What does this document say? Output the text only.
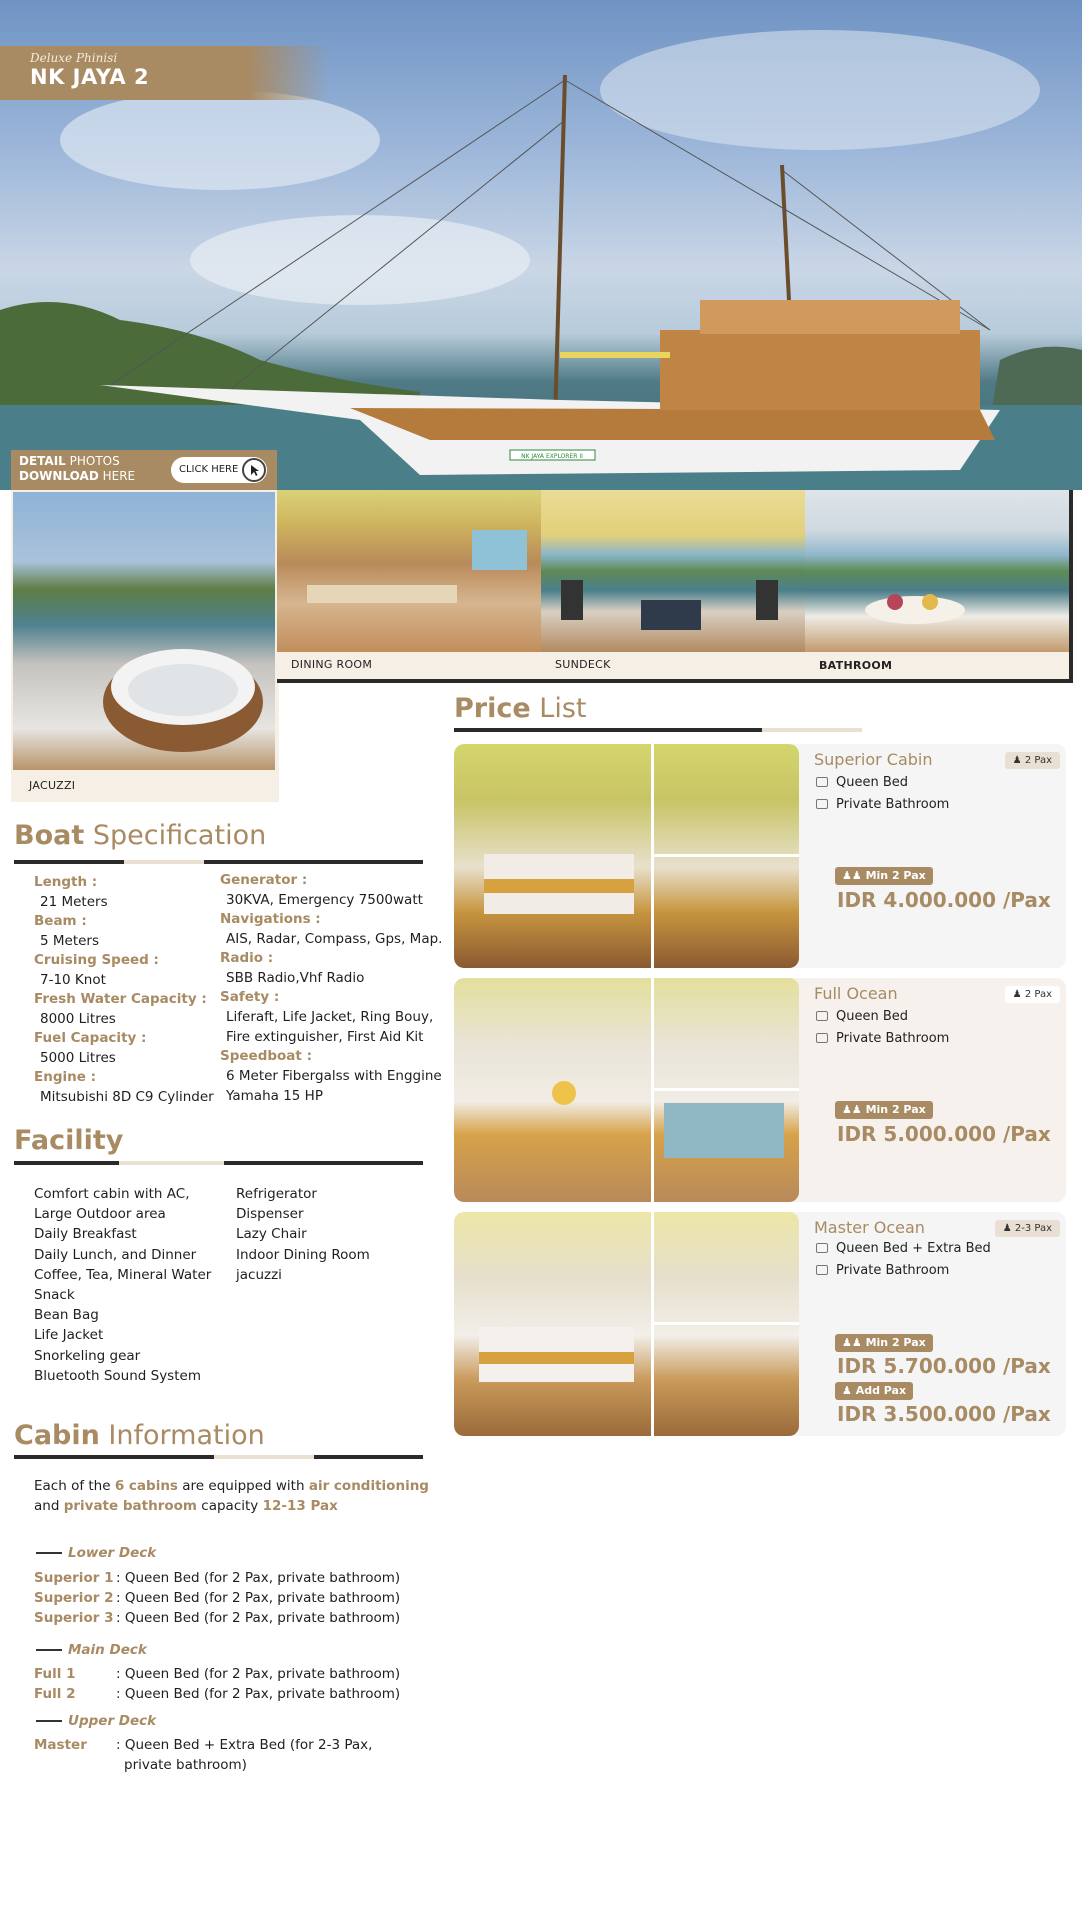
NK JAYA EXPLORER II
Deluxe Phinisi
NK JAYA 2
DETAIL PHOTOS
DOWNLOAD HERE	CLICK HERE
JACUZZI
DINING ROOM	SUNDECK	BATHROOM
Boat Specification
Length :
21 Meters
Beam :
5 Meters
Cruising Speed :
7-10 Knot
Fresh Water Capacity :
8000 Litres
Fuel Capacity :
5000 Litres
Engine :
Mitsubishi 8D C9 Cylinder
Generator :
30KVA, Emergency 7500watt
Navigations :
AIS, Radar, Compass, Gps, Map.
Radio :
SBB Radio,Vhf Radio
Safety :
Liferaft, Life Jacket, Ring Bouy,
Fire extinguisher, First Aid Kit
Speedboat :
6 Meter Fibergalss with Enggine
Yamaha 15 HP
Facility
Comfort cabin with AC,
Large Outdoor area
Daily Breakfast
Daily Lunch, and Dinner
Coffee, Tea, Mineral Water
Snack
Bean Bag
Life Jacket
Snorkeling gear
Bluetooth Sound System
Refrigerator
Dispenser
Lazy Chair
Indoor Dining Room
jacuzzi
Cabin Information
Each of the 6 cabins are equipped with air conditioning
and private bathroom capacity 12-13 Pax
Lower Deck
Superior 1 : Queen Bed (for 2 Pax, private bathroom)
Superior 2 : Queen Bed (for 2 Pax, private bathroom)
Superior 3 : Queen Bed (for 2 Pax, private bathroom)
Main Deck
Full 1	: Queen Bed (for 2 Pax, private bathroom)
Full 2	: Queen Bed (for 2 Pax, private bathroom)
Upper Deck
Master : Queen Bed + Extra Bed (for 2-3 Pax,
private bathroom)
Price List
Superior Cabin	♟ 2 Pax
Queen Bed
Private Bathroom
♟♟ Min 2 Pax
IDR 4.000.000 /Pax
Full Ocean	♟ 2 Pax
Queen Bed
Private Bathroom
♟♟ Min 2 Pax
IDR 5.000.000 /Pax
Master Ocean	♟ 2-3 Pax
Queen Bed + Extra Bed
Private Bathroom
♟♟ Min 2 Pax
IDR 5.700.000 /Pax
♟ Add Pax
IDR 3.500.000 /Pax
